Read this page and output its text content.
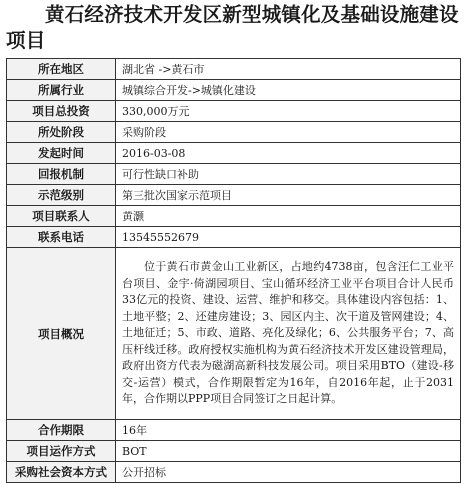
黄石经济技术开发区新型城镇化及基础设施建设项目
所在地区	湖北省 ->黄石市
所属行业	城镇综合开发->城镇化建设
项目总投资	330,000万元
所处阶段	采购阶段
发起时间	2016-03-08
回报机制	可行性缺口补助
示范级别	第三批次国家示范项目
项目联系人	黄灏
联系电话	13545552679
项目概况	位于黄石市黄金山工业新区，占地约4738亩，包含汪仁工业平台项目、金宇·倚湖园项目、宝山循环经济工业平台项目合计人民币33亿元的投资、建设、运营、维护和移交。具体建设内容包括：1、土地平整；2、还建房建设；3、园区内主、次干道及管网建设；4、土地征迁；5、市政、道路、亮化及绿化；6、公共服务平台；7、高压杆线迁移。政府授权实施机构为黄石经济技术开发区建设管理局，政府出资方代表为磁湖高新科技发展公司。项目采用BTO（建设-移交-运营）模式，合作期限暂定为16年，自2016年起，止于2031年，合作期以PPP项目合同签订之日起计算。
合作期限	16年
项目运作方式	BOT
采购社会资本方式	公开招标
